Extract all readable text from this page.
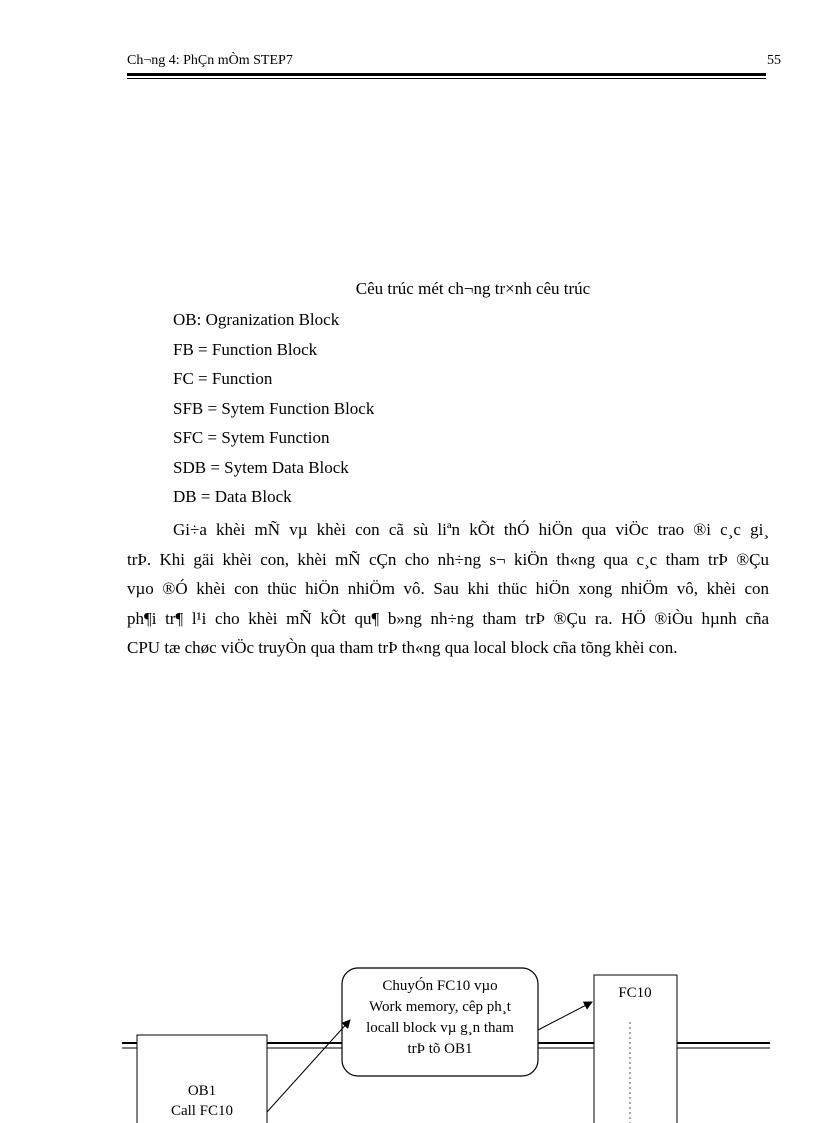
Ch¬ng 4: PhÇn mÒm STEP7	55
Cêu trúc mét ch¬ng tr×nh cêu trúc
OB: Ogranization Block
FB = Function Block
FC = Function
SFB = Sytem Function Block
SFC = Sytem Function
SDB = Sytem Data Block
DB = Data Block
Gi÷a khèi mÑ vµ khèi con cã sù liªn kÕt thÓ hiÖn qua viÖc trao ®i c¸c gi¸
trÞ. Khi gäi khèi con, khèi mÑ cÇn cho nh÷ng s¬ kiÖn th«ng qua c¸c tham trÞ ®Çu
vµo ®Ó khèi con thüc hiÖn nhiÖm vô. Sau khi thüc hiÖn xong nhiÖm vô, khèi con
ph¶i tr¶ l¹i cho khèi mÑ kÕt qu¶ b»ng nh÷ng tham trÞ ®Çu ra. HÖ ®iÒu hµnh cña
CPU tæ chøc viÖc truyÒn qua tham trÞ th«ng qua local block cña tõng khèi con.
OB1
Call FC10
ChuyÓn FC10 vµo
Work memory, cêp ph¸t
locall block vµ g¸n tham
trÞ tõ OB1
FC10
